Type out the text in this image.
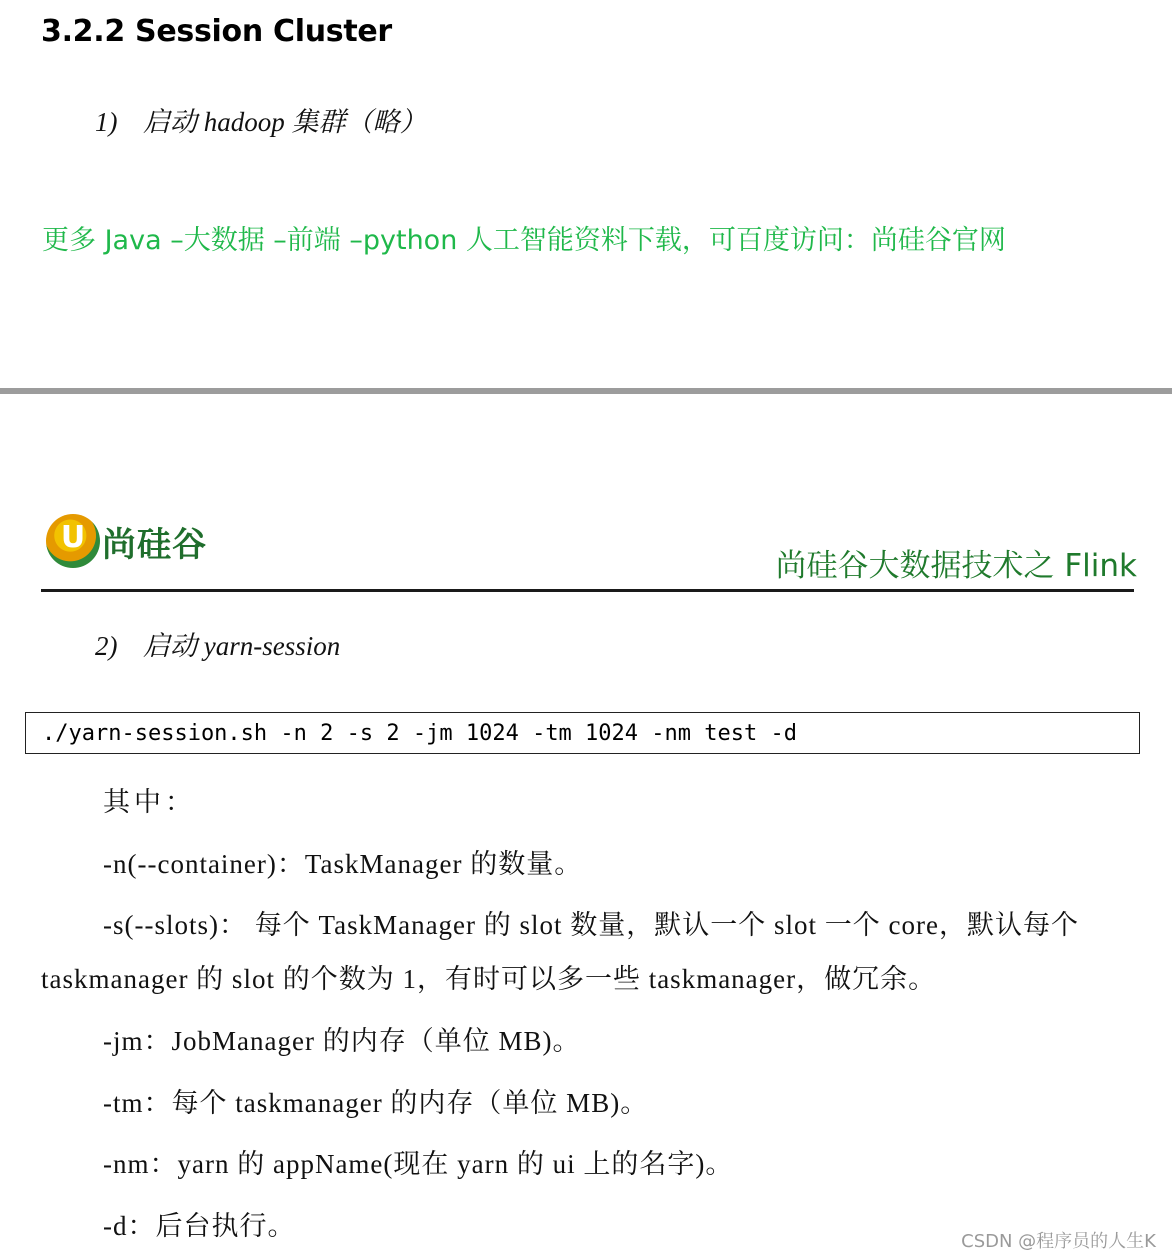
3.2.2 Session Cluster
1) 启动 hadoop 集群（略）
更多 Java –大数据 –前端 –python 人工智能资料下载，可百度访问：尚硅谷官网
U 尚硅谷
尚硅谷大数据技术之 Flink
2) 启动 yarn-session
./yarn-session.sh -n 2 -s 2 -jm 1024 -tm 1024 -nm test -d
其中：
-n(--container)：TaskManager 的数量。
-s(--slots)： 每个 TaskManager 的 slot 数量，默认一个 slot 一个 core，默认每个
taskmanager 的 slot 的个数为 1，有时可以多一些 taskmanager，做冗余。
-jm：JobManager 的内存（单位 MB)。
-tm：每个 taskmanager 的内存（单位 MB)。
-nm：yarn 的 appName(现在 yarn 的 ui 上的名字)。
-d：后台执行。
CSDN @程序员的人生K
